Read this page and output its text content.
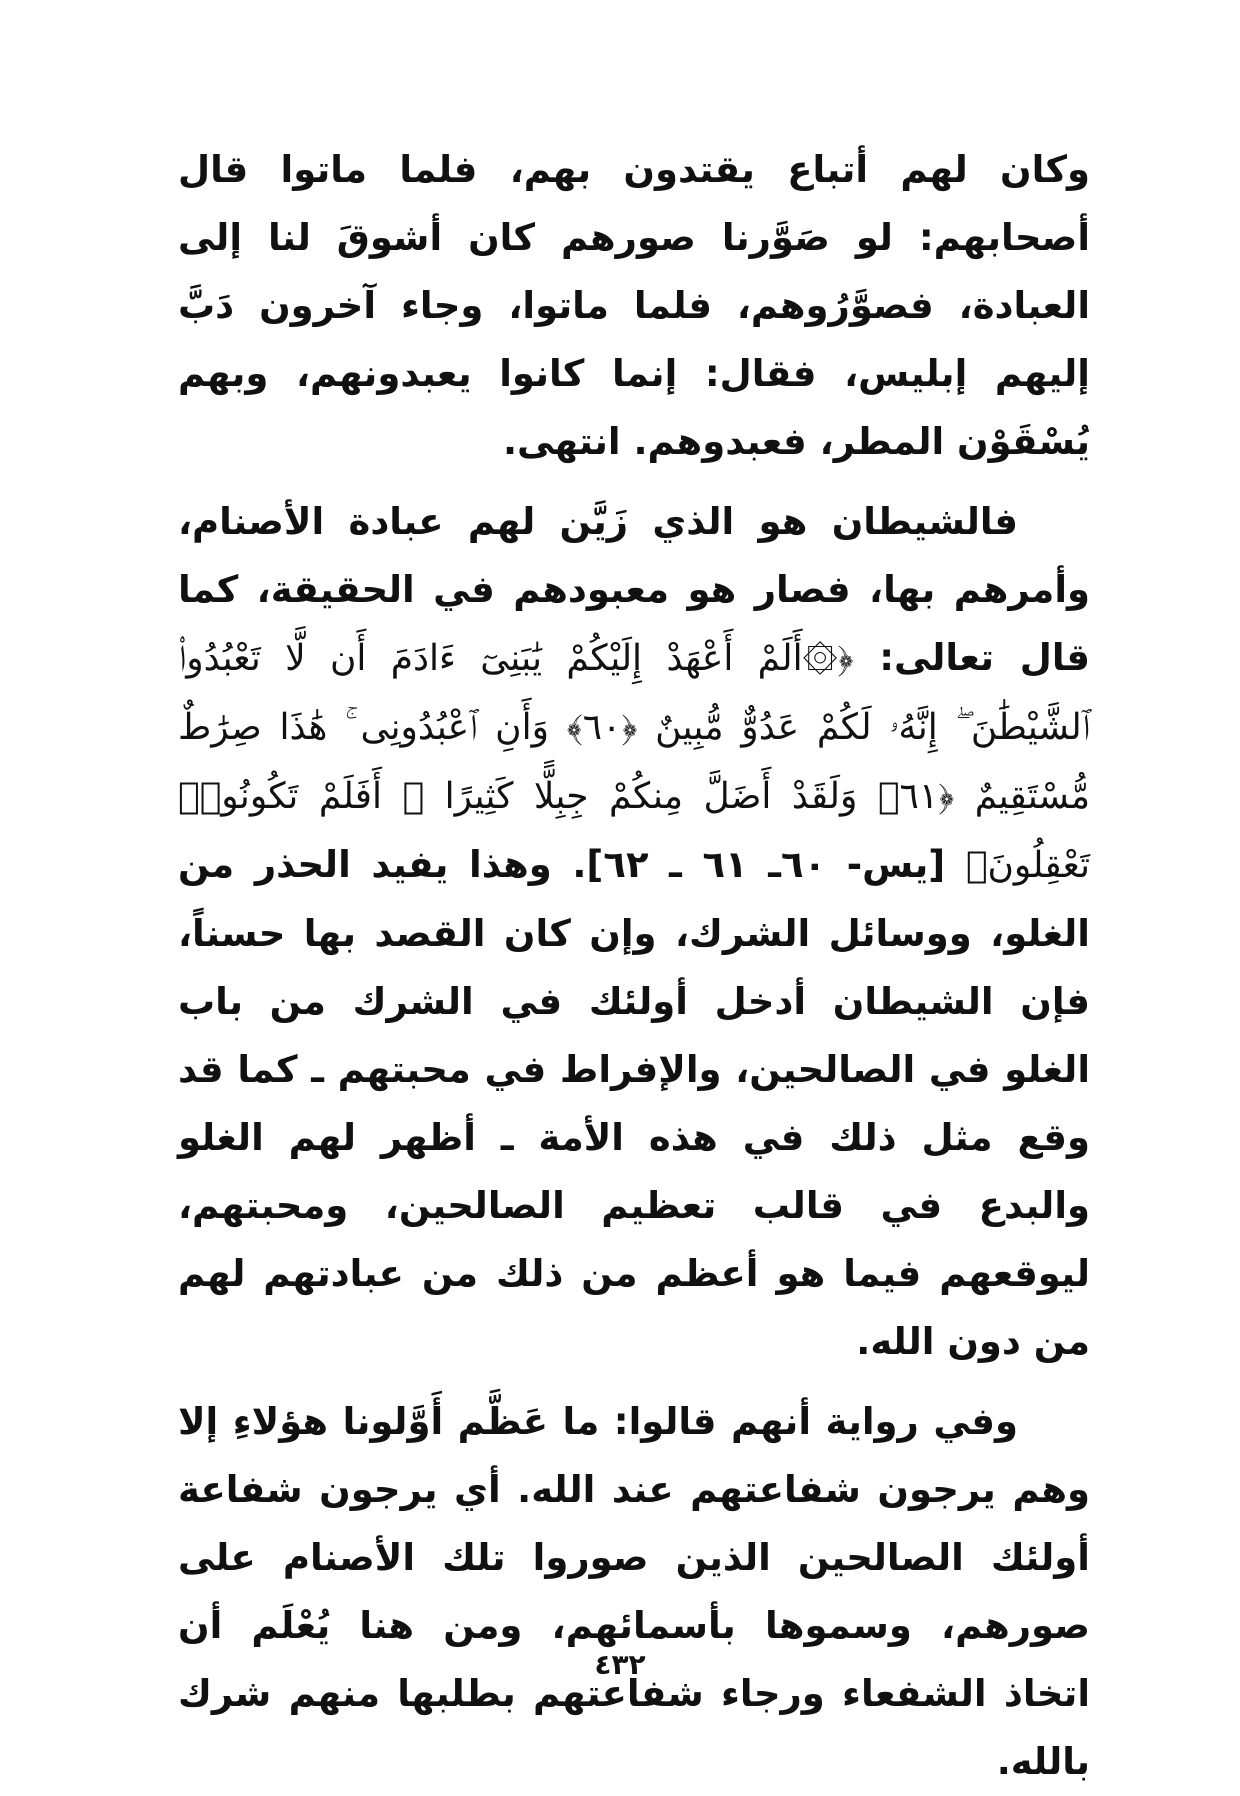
وكان لهم أتباع يقتدون بهم، فلما ماتوا قال أصحابهم: لو صَوَّرنا صورهم كان أشوقَ لنا إلى العبادة، فصوَّرُوهم، فلما ماتوا، وجاء آخرون دَبَّ إليهم إبليس، فقال: إنما كانوا يعبدونهم، وبهم يُسْقَوْن المطر، فعبدوهم. انتهى.

فالشيطان هو الذي زَيَّن لهم عبادة الأصنام، وأمرهم بها، فصار هو معبودهم في الحقيقة، كما قال تعالى: ﴿۞أَلَمْ أَعْهَدْ إِلَيْكُمْ يَٰبَنِىٓ ءَادَمَ أَن لَّا تَعْبُدُوا۟ ٱلشَّيْطَٰنَ ۖ إِنَّهُۥ لَكُمْ عَدُوٌّ مُّبِينٌ ﴿٦٠﴾ وَأَنِ ٱعْبُدُونِى ۚ هَٰذَا صِرَٰطٌ مُّسْتَقِيمٌ ﴿٦١﴾ وَلَقَدْ أَضَلَّ مِنكُمْ جِبِلًّا كَثِيرًا ۖ أَفَلَمْ تَكُونُوا۟ تَعْقِلُونَ﴾ [يس- ٦٠ـ ٦١ ـ ٦٢]. وهذا يفيد الحذر من الغلو، ووسائل الشرك، وإن كان القصد بها حسناً، فإن الشيطان أدخل أولئك في الشرك من باب الغلو في الصالحين، والإفراط في محبتهم ـ كما قد وقع مثل ذلك في هذه الأمة ـ أظهر لهم الغلو والبدع في قالب تعظيم الصالحين، ومحبتهم، ليوقعهم فيما هو أعظم من ذلك من عبادتهم لهم من دون الله.

وفي رواية أنهم قالوا: ما عَظَّم أَوَّلونا هؤلاءِ إلا وهم يرجون شفاعتهم عند الله. أي يرجون شفاعة أولئك الصالحين الذين صوروا تلك الأصنام على صورهم، وسموها بأسمائهم، ومن هنا يُعْلَم أن اتخاذ الشفعاء ورجاء شفاعتهم بطلبها منهم شرك بالله.

٤٣٢
